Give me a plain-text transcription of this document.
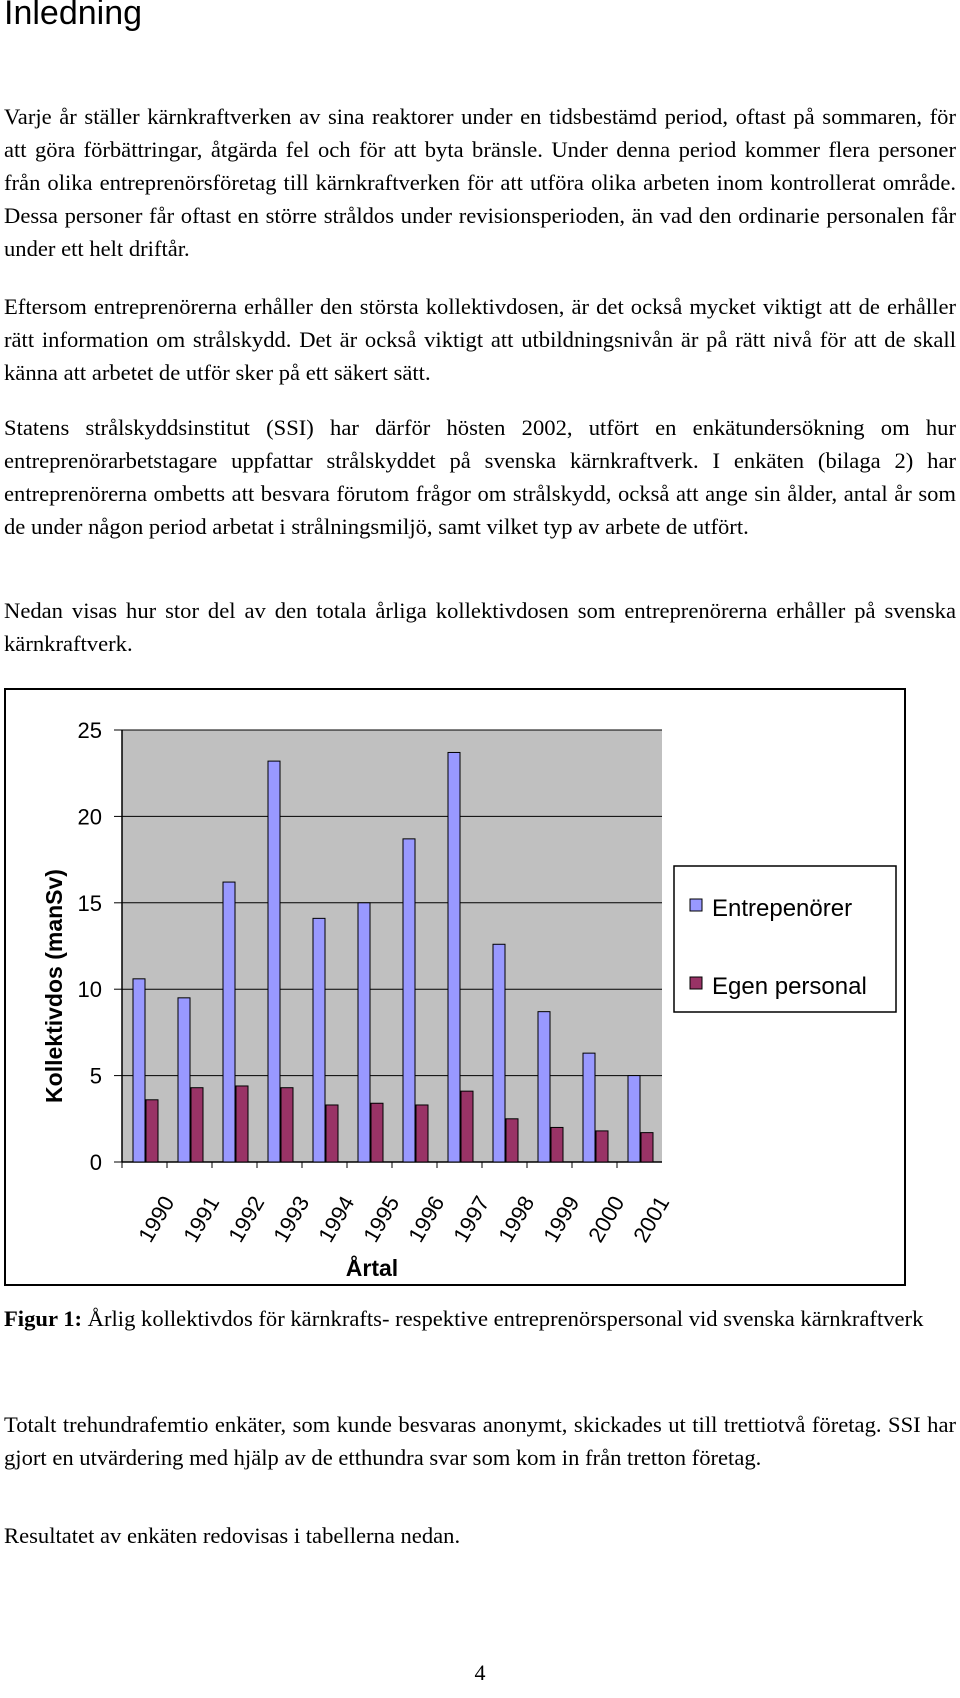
Inledning

Varje år ställer kärnkraftverken av sina reaktorer under en tidsbestämd period, oftast på sommaren, för att göra förbättringar, åtgärda fel och för att byta bränsle. Under denna period kommer flera personer från olika entreprenörsföretag till kärnkraftverken för att utföra olika arbeten inom kontrollerat område. Dessa personer får oftast en större stråldos under revisionsperioden, än vad den ordinarie personalen får under ett helt driftår.

Eftersom entreprenörerna erhåller den största kollektivdosen, är det också mycket viktigt att de erhåller rätt information om strålskydd. Det är också viktigt att utbildningsnivån är på rätt nivå för att de skall känna att arbetet de utför sker på ett säkert sätt.

Statens strålskyddsinstitut (SSI) har därför hösten 2002, utfört en enkätundersökning om hur entreprenörarbetstagare uppfattar strålskyddet på svenska kärnkraftverk. I enkäten (bilaga 2) har entreprenörerna ombetts att besvara förutom frågor om strålskydd, också att ange sin ålder, antal år som de under någon period arbetat i strålningsmiljö, samt vilket typ av arbete de utfört.

Nedan visas hur stor del av den totala årliga kollektivdosen som entreprenörerna erhåller på svenska kärnkraftverk.

0
5
10
15
20
25
1990
1991
1992
1993
1994
1995
1996
1997
1998
1999
2000
2001
Kollektivdos (manSv)
Årtal
Entrepenörer
Egen personal

Figur 1: Årlig kollektivdos för kärnkrafts- respektive entreprenörspersonal vid svenska kärnkraftverk

Totalt trehundrafemtio enkäter, som kunde besvaras anonymt, skickades ut till trettiotvå företag. SSI har gjort en utvärdering med hjälp av de etthundra svar som kom in från tretton företag.

Resultatet av enkäten redovisas i tabellerna nedan.

4
